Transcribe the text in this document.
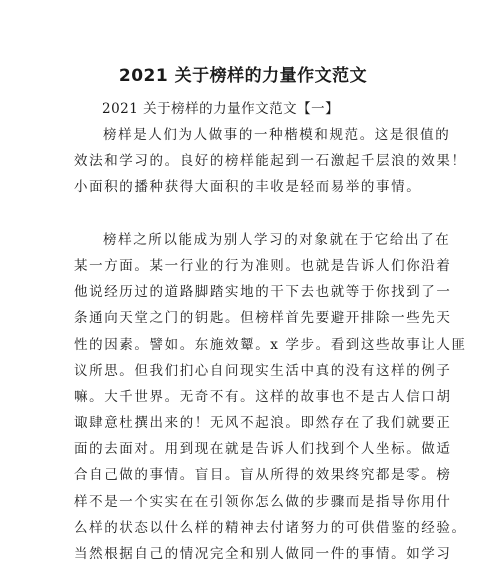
2021 关于榜样的力量作文范文

2021 关于榜样的力量作文范文【一】

榜样是人们为人做事的一种楷模和规范。这是很值的
效法和学习的。良好的榜样能起到一石激起千层浪的效果！
小面积的播种获得大面积的丰收是轻而易举的事情。
榜样之所以能成为别人学习的对象就在于它给出了在
某一方面。某一行业的行为准则。也就是告诉人们你沿着
他说经历过的道路脚踏实地的干下去也就等于你找到了一
条通向天堂之门的钥匙。但榜样首先要避开排除一些先天
性的因素。譬如。东施效颦。x 学步。看到这些故事让人匪
议所思。但我们扪心自问现实生活中真的没有这样的例子
嘛。大千世界。无奇不有。这样的故事也不是古人信口胡
诹肆意杜撰出来的！无风不起浪。即然存在了我们就要正
面的去面对。用到现在就是告诉人们找到个人坐标。做适
合自己做的事情。盲目。盲从所得的效果终究都是零。榜
样不是一个实实在在引领你怎么做的步骤而是指导你用什
么样的状态以什么样的精神去付诸努力的可供借鉴的经验。
当然根据自己的情况完全和别人做同一件的事情。如学习
